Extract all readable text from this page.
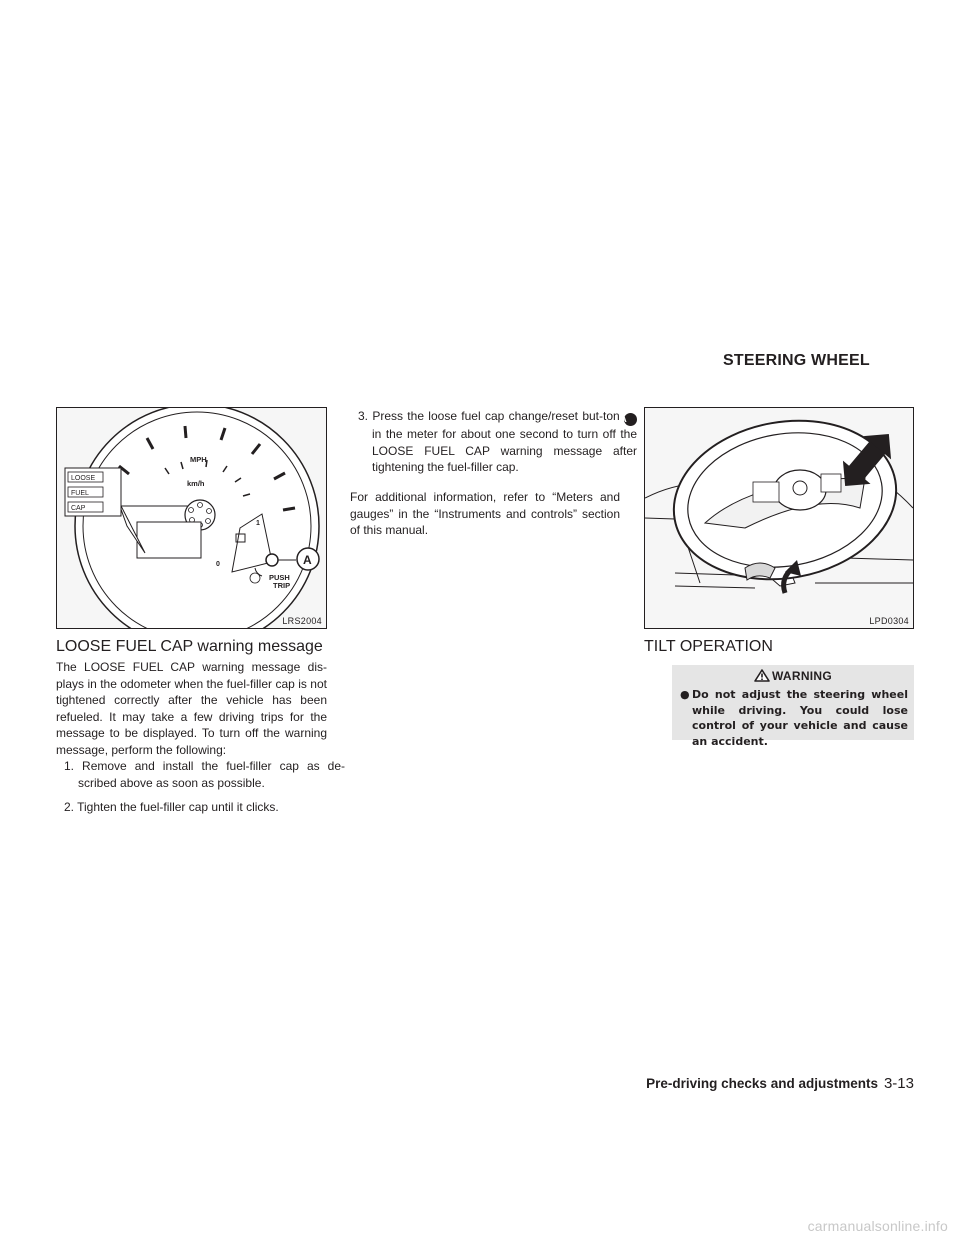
STEERING WHEEL
MPH
km/h
1
0
LOOSE
FUEL
CAP
A
PUSH
TRIP
LRS2004	LPD0304
LOOSE FUEL CAP warning message
The LOOSE FUEL CAP warning message dis-plays in the odometer when the fuel-filler cap is not tightened correctly after the vehicle has been refueled. It may take a few driving trips for the message to be displayed. To turn off the warning message, perform the following:
1. Remove and install the fuel-filler cap as de-scribed above as soon as possible.
2. Tighten the fuel-filler cap until it clicks.
3. Press the loose fuel cap change/reset but-ton A in the meter for about one second to turn off the LOOSE FUEL CAP warning message after tightening the fuel-filler cap.
For additional information, refer to “Meters and gauges” in the “Instruments and controls” section of this manual.
TILT OPERATION
WARNING
● Do not adjust the steering wheel while driving. You could lose control of your vehicle and cause an accident.
Pre-driving checks and adjustments 3-13
carmanualsonline.info
